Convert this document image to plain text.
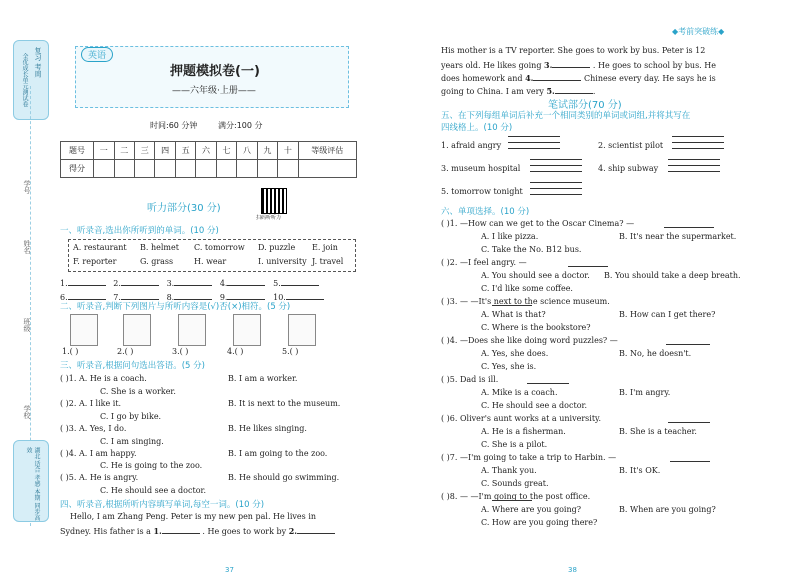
复习 考周
全优成长单元测试卷
学号
姓名
班级
学校
湖北 适合 孝感 本期 同步高效
英语
押题模拟卷(一)
——六年级·上册——
时间:60 分钟	满分:100 分
题号	一	二	三	四	五	六	七	八	九	十	等级评估
得分											
听力部分(30 分)
扫码听听力
一、听录音,选出你所听到的单词。(10 分)
A. restaurant B. helmet C. tomorrow D. puzzle E. join
F. reporter	G. grass	H. wear	I. university J. travel
1.	2.	3.	4.	5.
6.	7.	8.	9.	10.
二、听录音,判断下列图片与所听内容是(√)否(×)相符。(5 分)
1.( )	2.( )	3.( )	4.( )	5.( )
三、听录音,根据问句选出答语。(5 分)
( )1. A. He is a coach.	B. I am a worker.
C. She is a worker.
( )2. A. I like it.	B. It is next to the museum.
C. I go by bike.
( )3. A. Yes, I do.	B. He likes singing.
C. I am singing.
( )4. A. I am happy.	B. I am going to the zoo.
C. He is going to the zoo.
( )5. A. He is angry.	B. He should go swimming.
C. He should see a doctor.
四、听录音,根据所听内容填写单词,每空一词。(10 分)
Hello, I am Zhang Peng. Peter is my new pen pal. He lives in
Sydney. His father is a 1.	. He goes to work by 2.
37
◆考前突破练◆
His mother is a TV reporter. She goes to work by bus. Peter is 12
years old. He likes going 3.	. He goes to school by bus. He
does homework and 4.	Chinese every day. He says he is
going to China. I am very 5.	.
笔试部分(70 分)
五、在下列每组单词后补充一个相同类别的单词或词组,并将其写在
四线格上。(10 分)
1. afraid angry	2. scientist pilot
3. museum hospital	4. ship subway
5. tomorrow tonight
六、单项选择。(10 分)
( )1. —How can we get to the Oscar Cinema? —
A. I like pizza.	B. It's near the supermarket.
C. Take the No. B12 bus.
( )2. —I feel angry. —
A. You should see a doctor. B. You should take a deep breath.
C. I'd like some coffee.
( )3. — —It's next to the science museum.
A. What is that?	B. How can I get there?
C. Where is the bookstore?
( )4. —Does she like doing word puzzles? —
A. Yes, she does.	B. No, he doesn't.
C. Yes, she is.
( )5. Dad is ill.
A. Mike is a coach.	B. I'm angry.
C. He should see a doctor.
( )6. Oliver's aunt works at a university.
A. He is a fisherman.	B. She is a teacher.
C. She is a pilot.
( )7. —I'm going to take a trip to Harbin. —
A. Thank you.	B. It's OK.
C. Sounds great.
( )8. — —I'm going to the post office.
A. Where are you going?	B. When are you going?
C. How are you going there?
38
